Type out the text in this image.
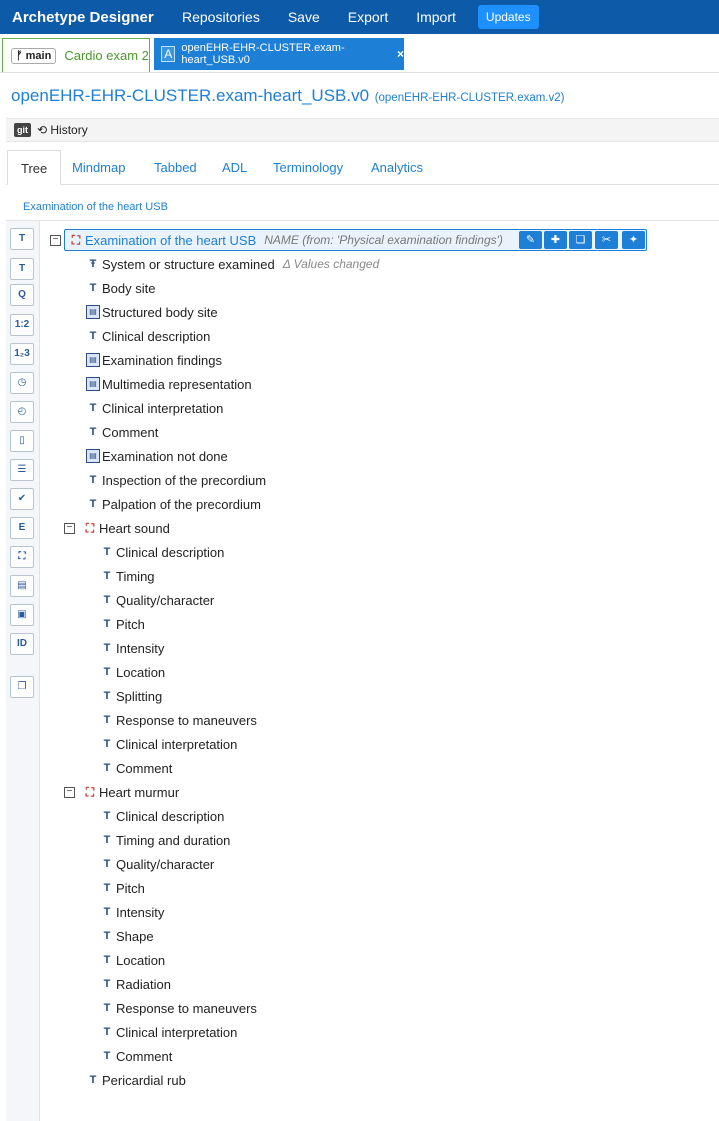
Archetype Designer	Repositories Save Export Import	Updates
ᚠ main	Cardio exam 2 A openEHR-EHR-CLUSTER.exam-heart_USB.v0	×
openEHR-EHR-CLUSTER.exam-heart_USB.v0 (openEHR-EHR-CLUSTER.exam.v2)
git ⟲ History
Tree	Mindmap Tabbed ADL Terminology Analytics
Examination of the heart USB
T
T
Q
1:2
1₂3
◷
◴
▯
☰
✔
E
⛶
▤
▣
ID
❐
− ⛶ Examination of the heart USB NAME (from: 'Physical examination findings')	✎	✚	❏	✂	✦
Ŧ System or structure examined Δ Values changed
T Body site
▤ Structured body site
T Clinical description
▤ Examination findings
▤ Multimedia representation
T Clinical interpretation
T Comment
▤ Examination not done
T Inspection of the precordium
T Palpation of the precordium
− ⛶ Heart sound
T Clinical description
T Timing
T Quality/character
T Pitch
T Intensity
T Location
T Splitting
T Response to maneuvers
T Clinical interpretation
T Comment
− ⛶ Heart murmur
T Clinical description
T Timing and duration
T Quality/character
T Pitch
T Intensity
T Shape
T Location
T Radiation
T Response to maneuvers
T Clinical interpretation
T Comment
T Pericardial rub
